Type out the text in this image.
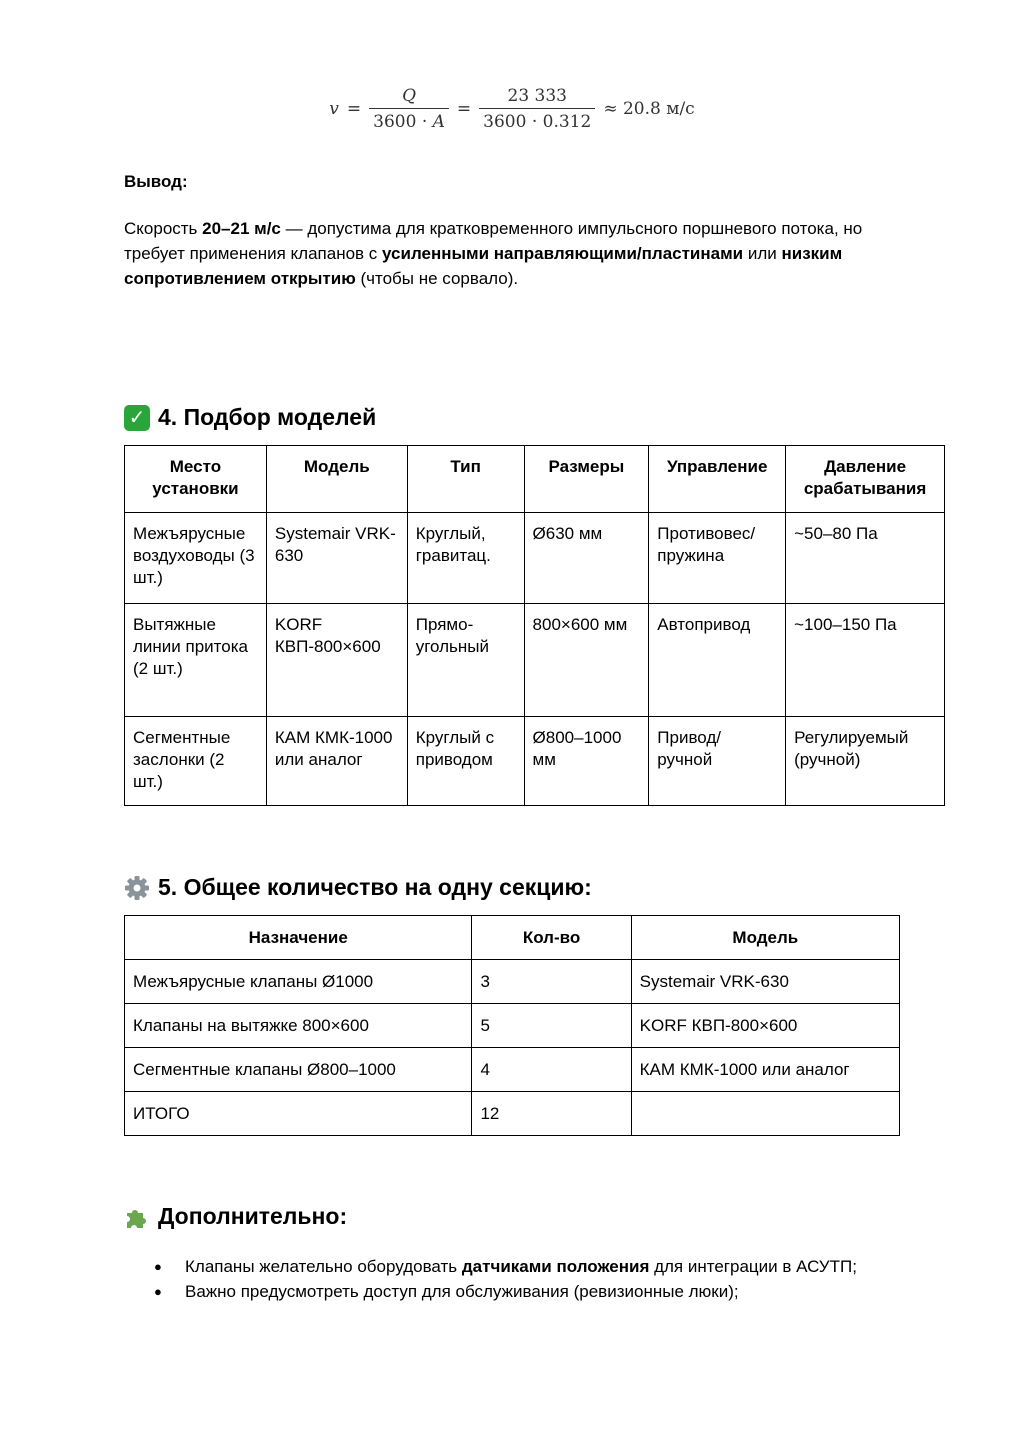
$v = \frac{Q}{3600 \cdot A} = \frac{23 333}{3600 \cdot 0.312} \approx 20.8$ м/с
Вывод:
Скорость 20–21 м/с — допустима для кратковременного импульсного поршневого потока, но требует применения клапанов с усиленными направляющими/пластинами или низким сопротивлением открытию (чтобы не сорвало).
✓ 4. Подбор моделей
Место установки	Модель	Тип	Размеры	Управление	Давление срабатывания
Межъярусные воздуховоды (3 шт.)	Systemair VRK-630	Круглый, гравитац.	Ø630 мм	Противовес/ пружина	~50–80 Па
Вытяжные линии притока (2 шт.)	KORF КВП-800×600	Прямо-угольный	800×600 мм	Автопривод	~100–150 Па
Сегментные заслонки (2 шт.)	КАМ КМК-1000 или аналог	Круглый с приводом	Ø800–1000 мм	Привод/ ручной	Регулируемый (ручной)
5. Общее количество на одну секцию:
Назначение	Кол-во	Модель
Межъярусные клапаны Ø1000	3	Systemair VRK-630
Клапаны на вытяжке 800×600	5	KORF КВП-800×600
Сегментные клапаны Ø800–1000	4	КАМ КМК-1000 или аналог
ИТОГО	12	
Дополнительно:
● Клапаны желательно оборудовать датчиками положения для интеграции в АСУТП;
● Важно предусмотреть доступ для обслуживания (ревизионные люки);
